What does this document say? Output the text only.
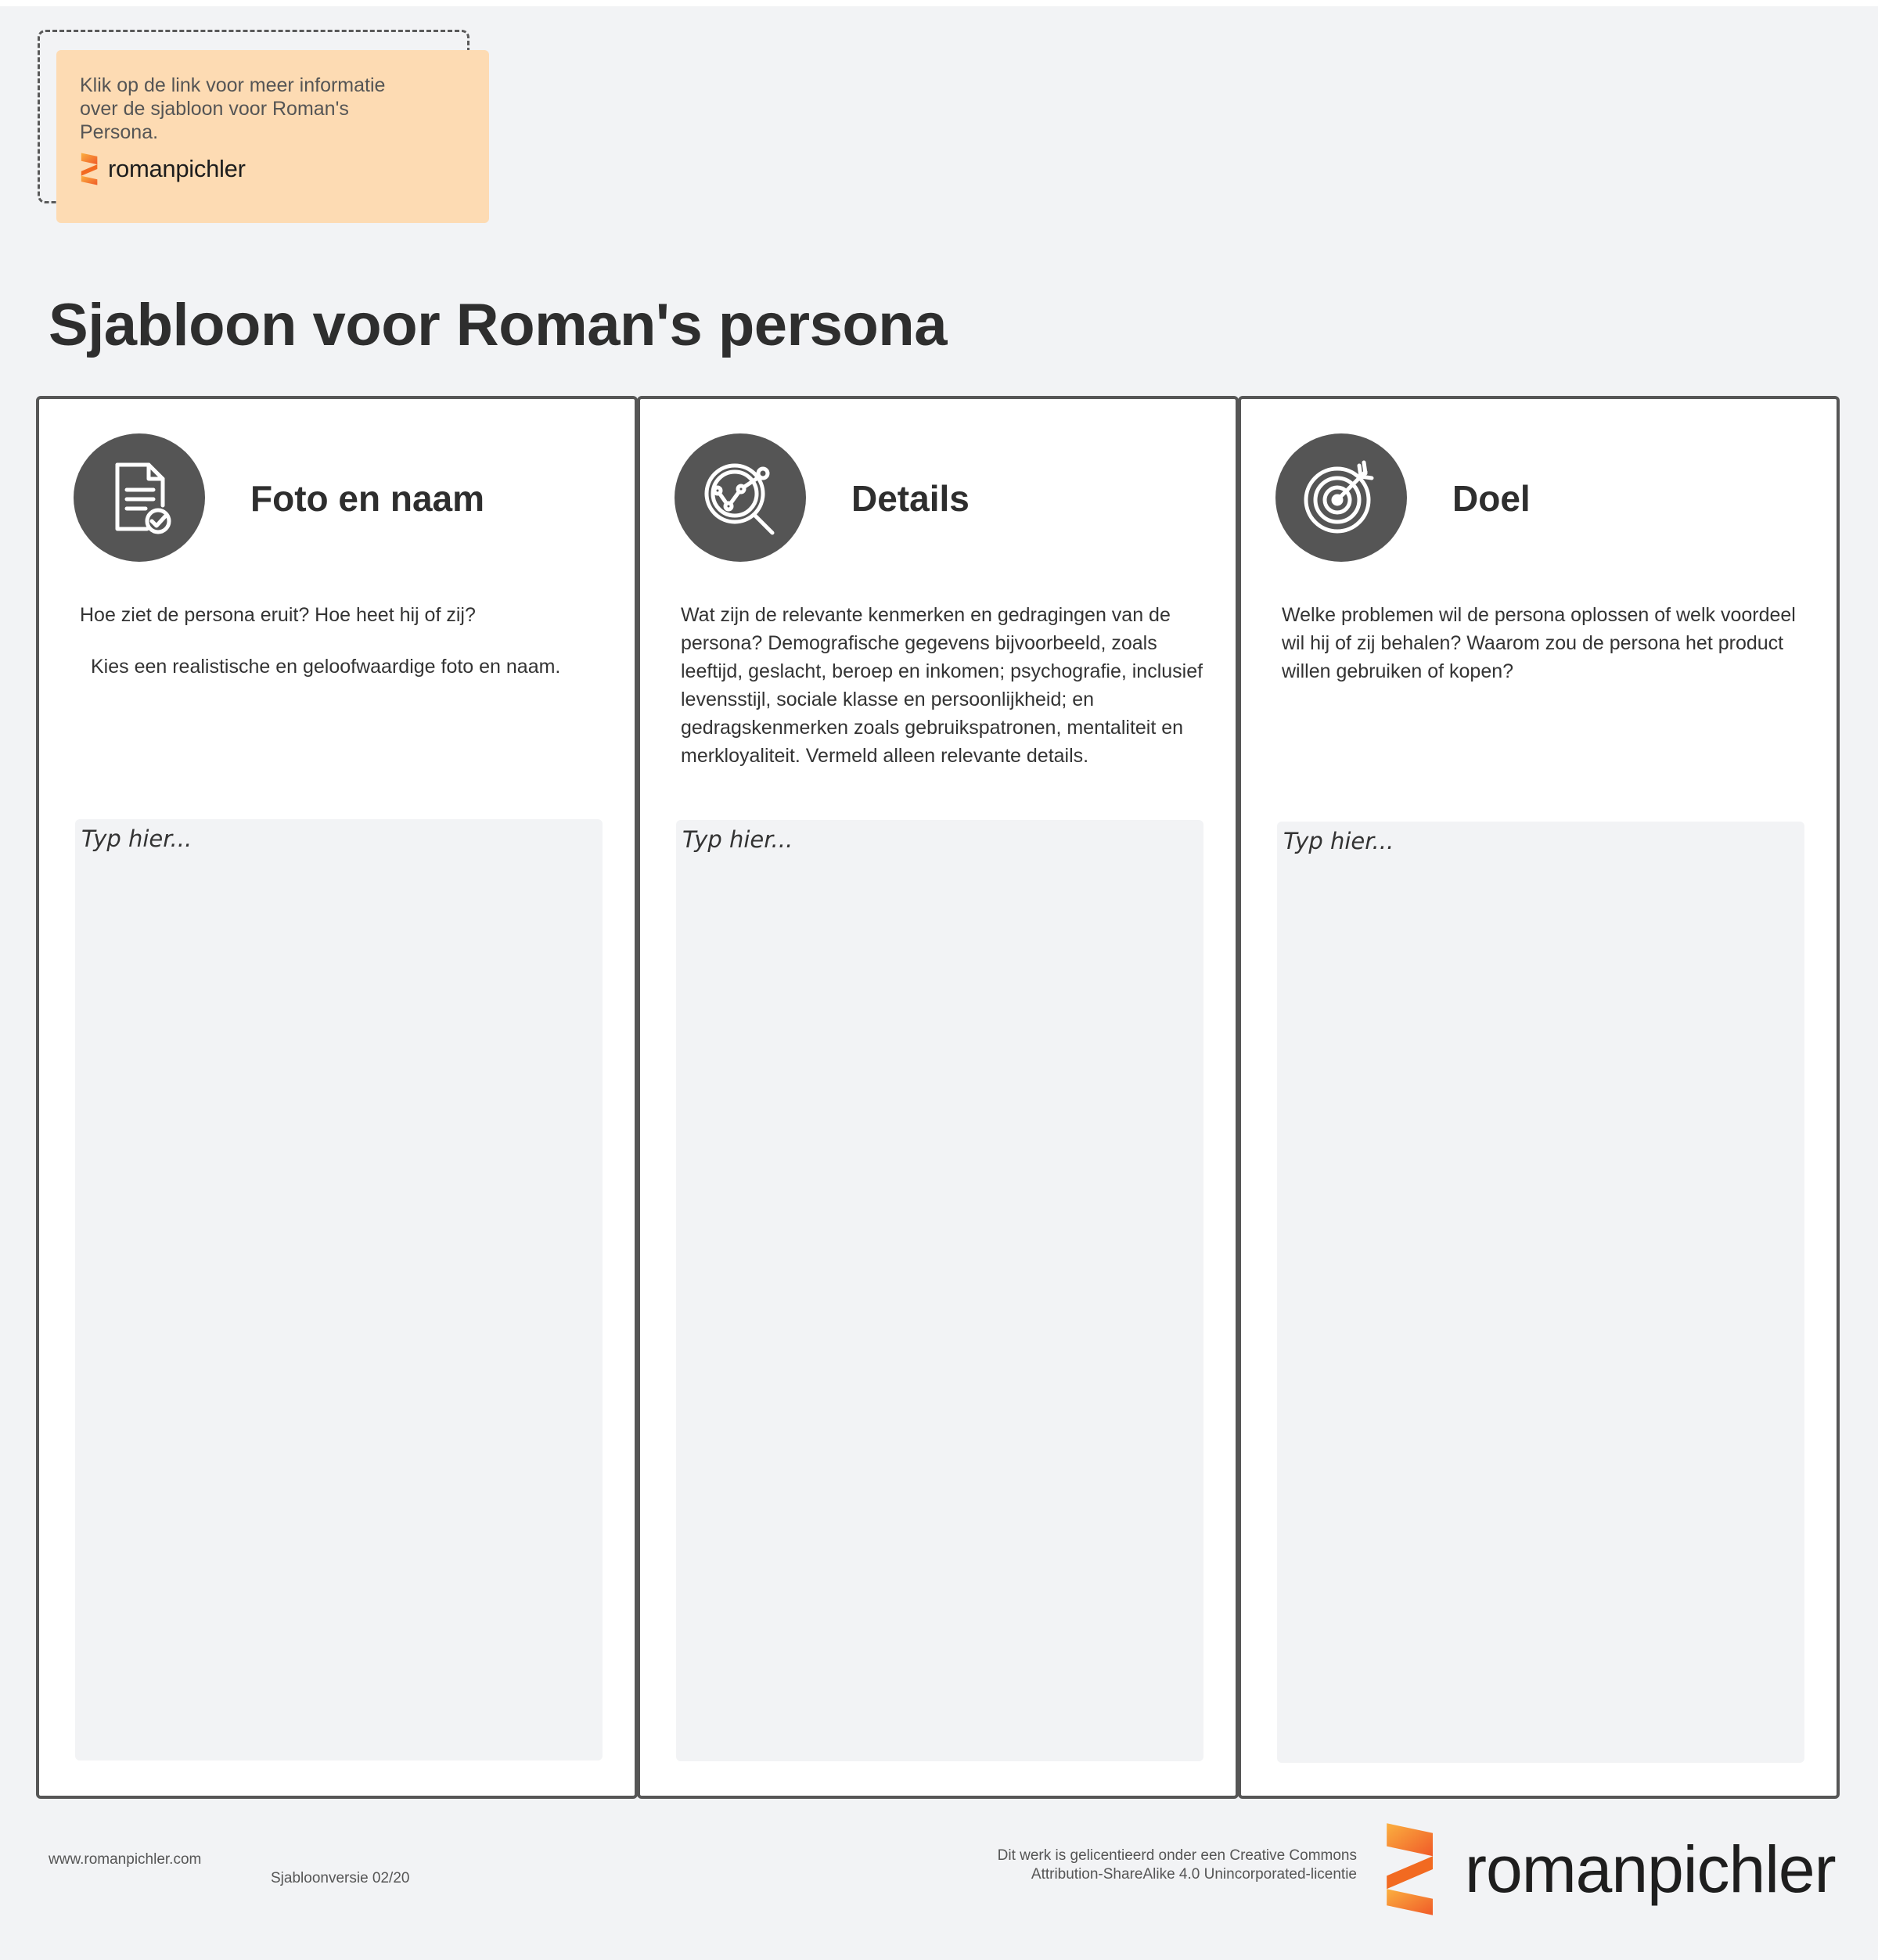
Klik op de link voor meer informatie over de sjabloon voor Roman's Persona.
romanpichler
Sjabloon voor Roman's persona
Foto en naam

Hoe ziet de persona eruit? Hoe heet hij of zij?

Kies een realistische en geloofwaardige foto en naam.

Typ hier...
Details

Wat zijn de relevante kenmerken en gedragingen van de persona? Demografische gegevens bijvoorbeeld, zoals leeftijd, geslacht, beroep en inkomen; psychografie, inclusief levensstijl, sociale klasse en persoonlijkheid; en gedragskenmerken zoals gebruikspatronen, mentaliteit en merkloyaliteit. Vermeld alleen relevante details.

Typ hier...
Doel

Welke problemen wil de persona oplossen of welk voordeel wil hij of zij behalen? Waarom zou de persona het product willen gebruiken of kopen?

Typ hier...
www.romanpichler.com
Sjabloonversie 02/20
Dit werk is gelicentieerd onder een Creative Commons Attribution-ShareAlike 4.0 Unincorporated-licentie romanpichler
